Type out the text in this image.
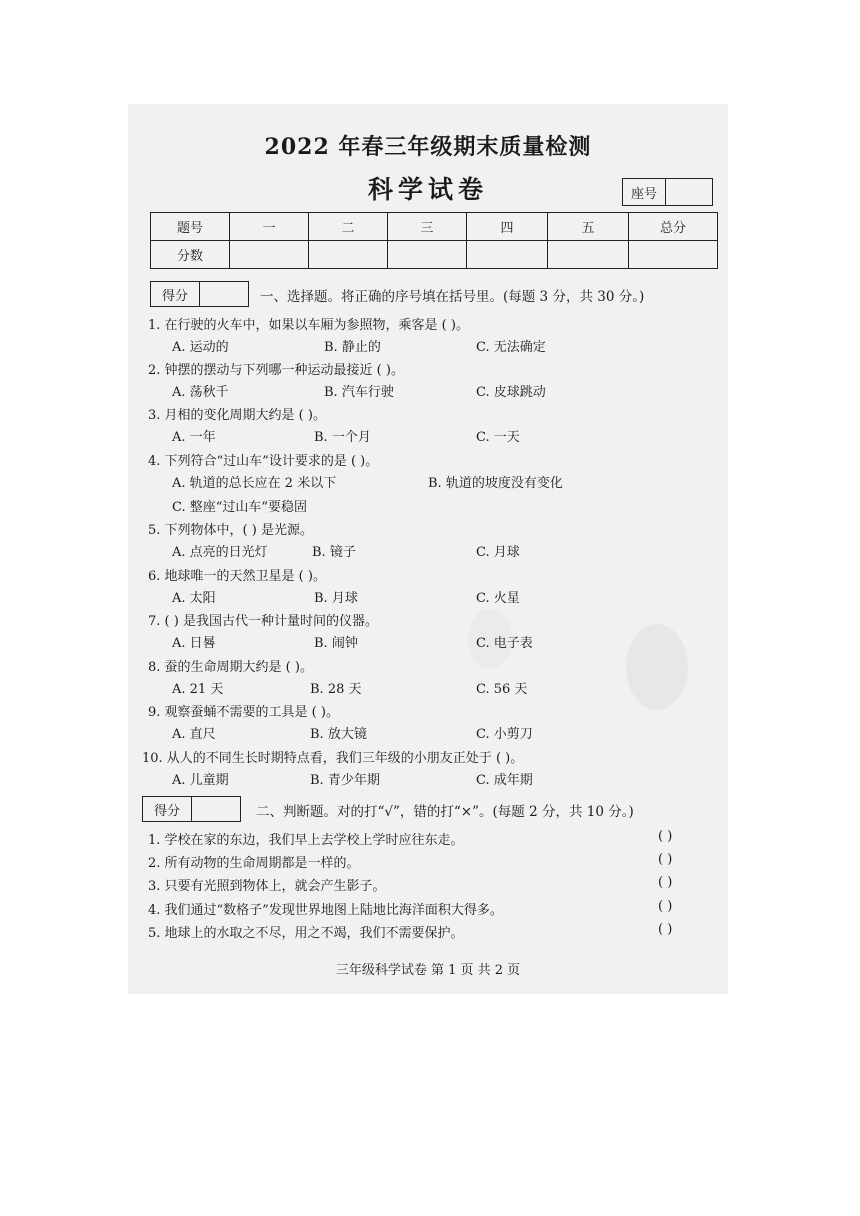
2022 年春三年级期末质量检测
科学试卷	座号
题号	一	二	三	四	五	总分
分数						
得分	一、选择题。将正确的序号填在括号里。(每题 3 分，共 30 分。)
1. 在行驶的火车中，如果以车厢为参照物，乘客是 ( )。
A. 运动的	B. 静止的	C. 无法确定
2. 钟摆的摆动与下列哪一种运动最接近 ( )。
A. 荡秋千	B. 汽车行驶	C. 皮球跳动
3. 月相的变化周期大约是 ( )。
A. 一年	B. 一个月	C. 一天
4. 下列符合“过山车”设计要求的是 ( )。
A. 轨道的总长应在 2 米以下	B. 轨道的坡度没有变化
C. 整座“过山车”要稳固
5. 下列物体中，( ) 是光源。
A. 点亮的日光灯	B. 镜子	C. 月球
6. 地球唯一的天然卫星是 ( )。
A. 太阳	B. 月球	C. 火星
7. ( ) 是我国古代一种计量时间的仪器。
A. 日晷	B. 闹钟	C. 电子表
8. 蚕的生命周期大约是 ( )。
A. 21 天	B. 28 天	C. 56 天
9. 观察蚕蛹不需要的工具是 ( )。
A. 直尺	B. 放大镜	C. 小剪刀
10. 从人的不同生长时期特点看，我们三年级的小朋友正处于 ( )。
A. 儿童期	B. 青少年期	C. 成年期
得分	二、判断题。对的打“√”，错的打“×”。(每题 2 分，共 10 分。)
1. 学校在家的东边，我们早上去学校上学时应往东走。	( )
2. 所有动物的生命周期都是一样的。	( )
3. 只要有光照到物体上，就会产生影子。	( )
4. 我们通过“数格子”发现世界地图上陆地比海洋面积大得多。	( )
5. 地球上的水取之不尽，用之不竭，我们不需要保护。	( )
三年级科学试卷 第 1 页 共 2 页
